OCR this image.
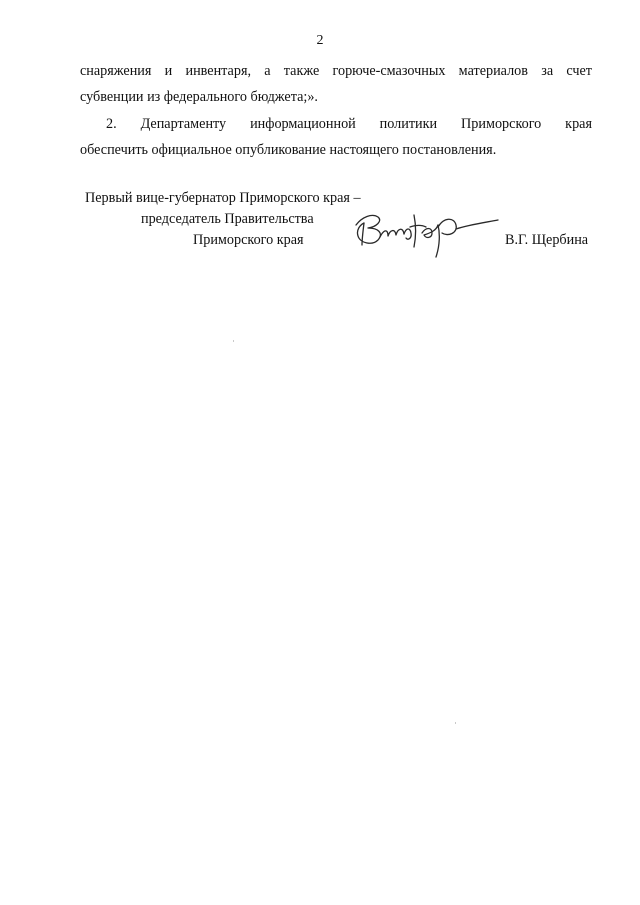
2

снаряжения и инвентаря, а также горюче-смазочных материалов за счет
субвенции из федерального бюджета;».

2. Департаменту информационной политики Приморского края
обеспечить официальное опубликование настоящего постановления.

Первый вице-губернатор Приморского края –
председатель Правительства
Приморского края	В.Г. Щербина
